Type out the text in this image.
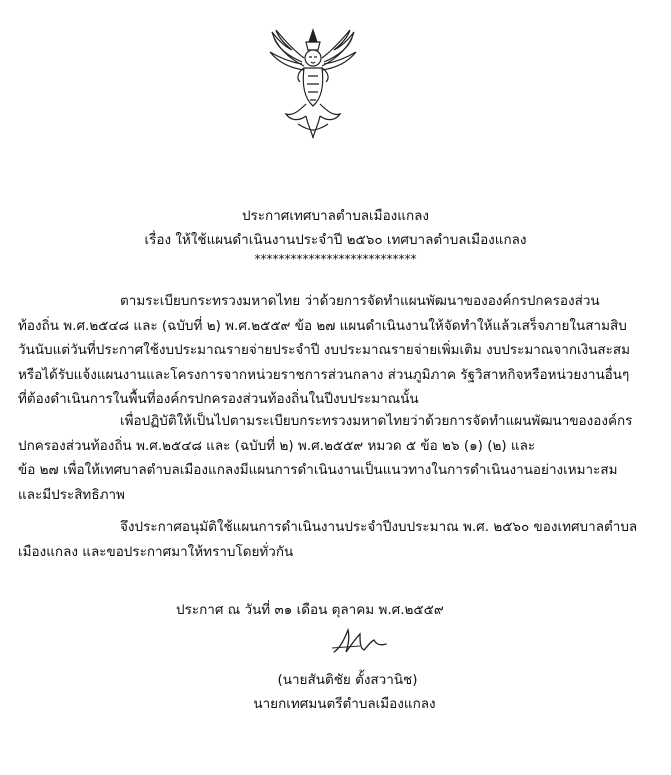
ประกาศเทศบาลตำบลเมืองแกลง
เรื่อง ให้ใช้แผนดำเนินงานประจำปี ๒๕๖๐ เทศบาลตำบลเมืองแกลง
***************************

ตามระเบียบกระทรวงมหาดไทย ว่าด้วยการจัดทำแผนพัฒนาขององค์กรปกครองส่วน

ท้องถิ่น พ.ศ.๒๕๔๘ และ (ฉบับที่ ๒) พ.ศ.๒๕๕๙ ข้อ ๒๗ แผนดำเนินงานให้จัดทำให้แล้วเสร็จภายในสามสิบ

วันนับแต่วันที่ประกาศใช้งบประมาณรายจ่ายประจำปี งบประมาณรายจ่ายเพิ่มเติม งบประมาณจากเงินสะสม

หรือได้รับแจ้งแผนงานและโครงการจากหน่วยราชการส่วนกลาง ส่วนภูมิภาค รัฐวิสาหกิจหรือหน่วยงานอื่นๆ

ที่ต้องดำเนินการในพื้นที่องค์กรปกครองส่วนท้องถิ่นในปีงบประมาณนั้น

เพื่อปฏิบัติให้เป็นไปตามระเบียบกระทรวงมหาดไทยว่าด้วยการจัดทำแผนพัฒนาขององค์กร

ปกครองส่วนท้องถิ่น พ.ศ.๒๕๔๘ และ (ฉบับที่ ๒) พ.ศ.๒๕๕๙ หมวด ๕ ข้อ ๒๖ (๑) (๒) และ

ข้อ ๒๗ เพื่อให้เทศบาลตำบลเมืองแกลงมีแผนการดำเนินงานเป็นแนวทางในการดำเนินงานอย่างเหมาะสม

และมีประสิทธิภาพ

จึงประกาศอนุมัติใช้แผนการดำเนินงานประจำปีงบประมาณ พ.ศ. ๒๕๖๐ ของเทศบาลตำบล

เมืองแกลง และขอประกาศมาให้ทราบโดยทั่วกัน

ประกาศ ณ วันที่ ๓๑ เดือน ตุลาคม พ.ศ.๒๕๕๙
(นายสันติชัย ตั้งสวานิช)
นายกเทศมนตรีตำบลเมืองแกลง
